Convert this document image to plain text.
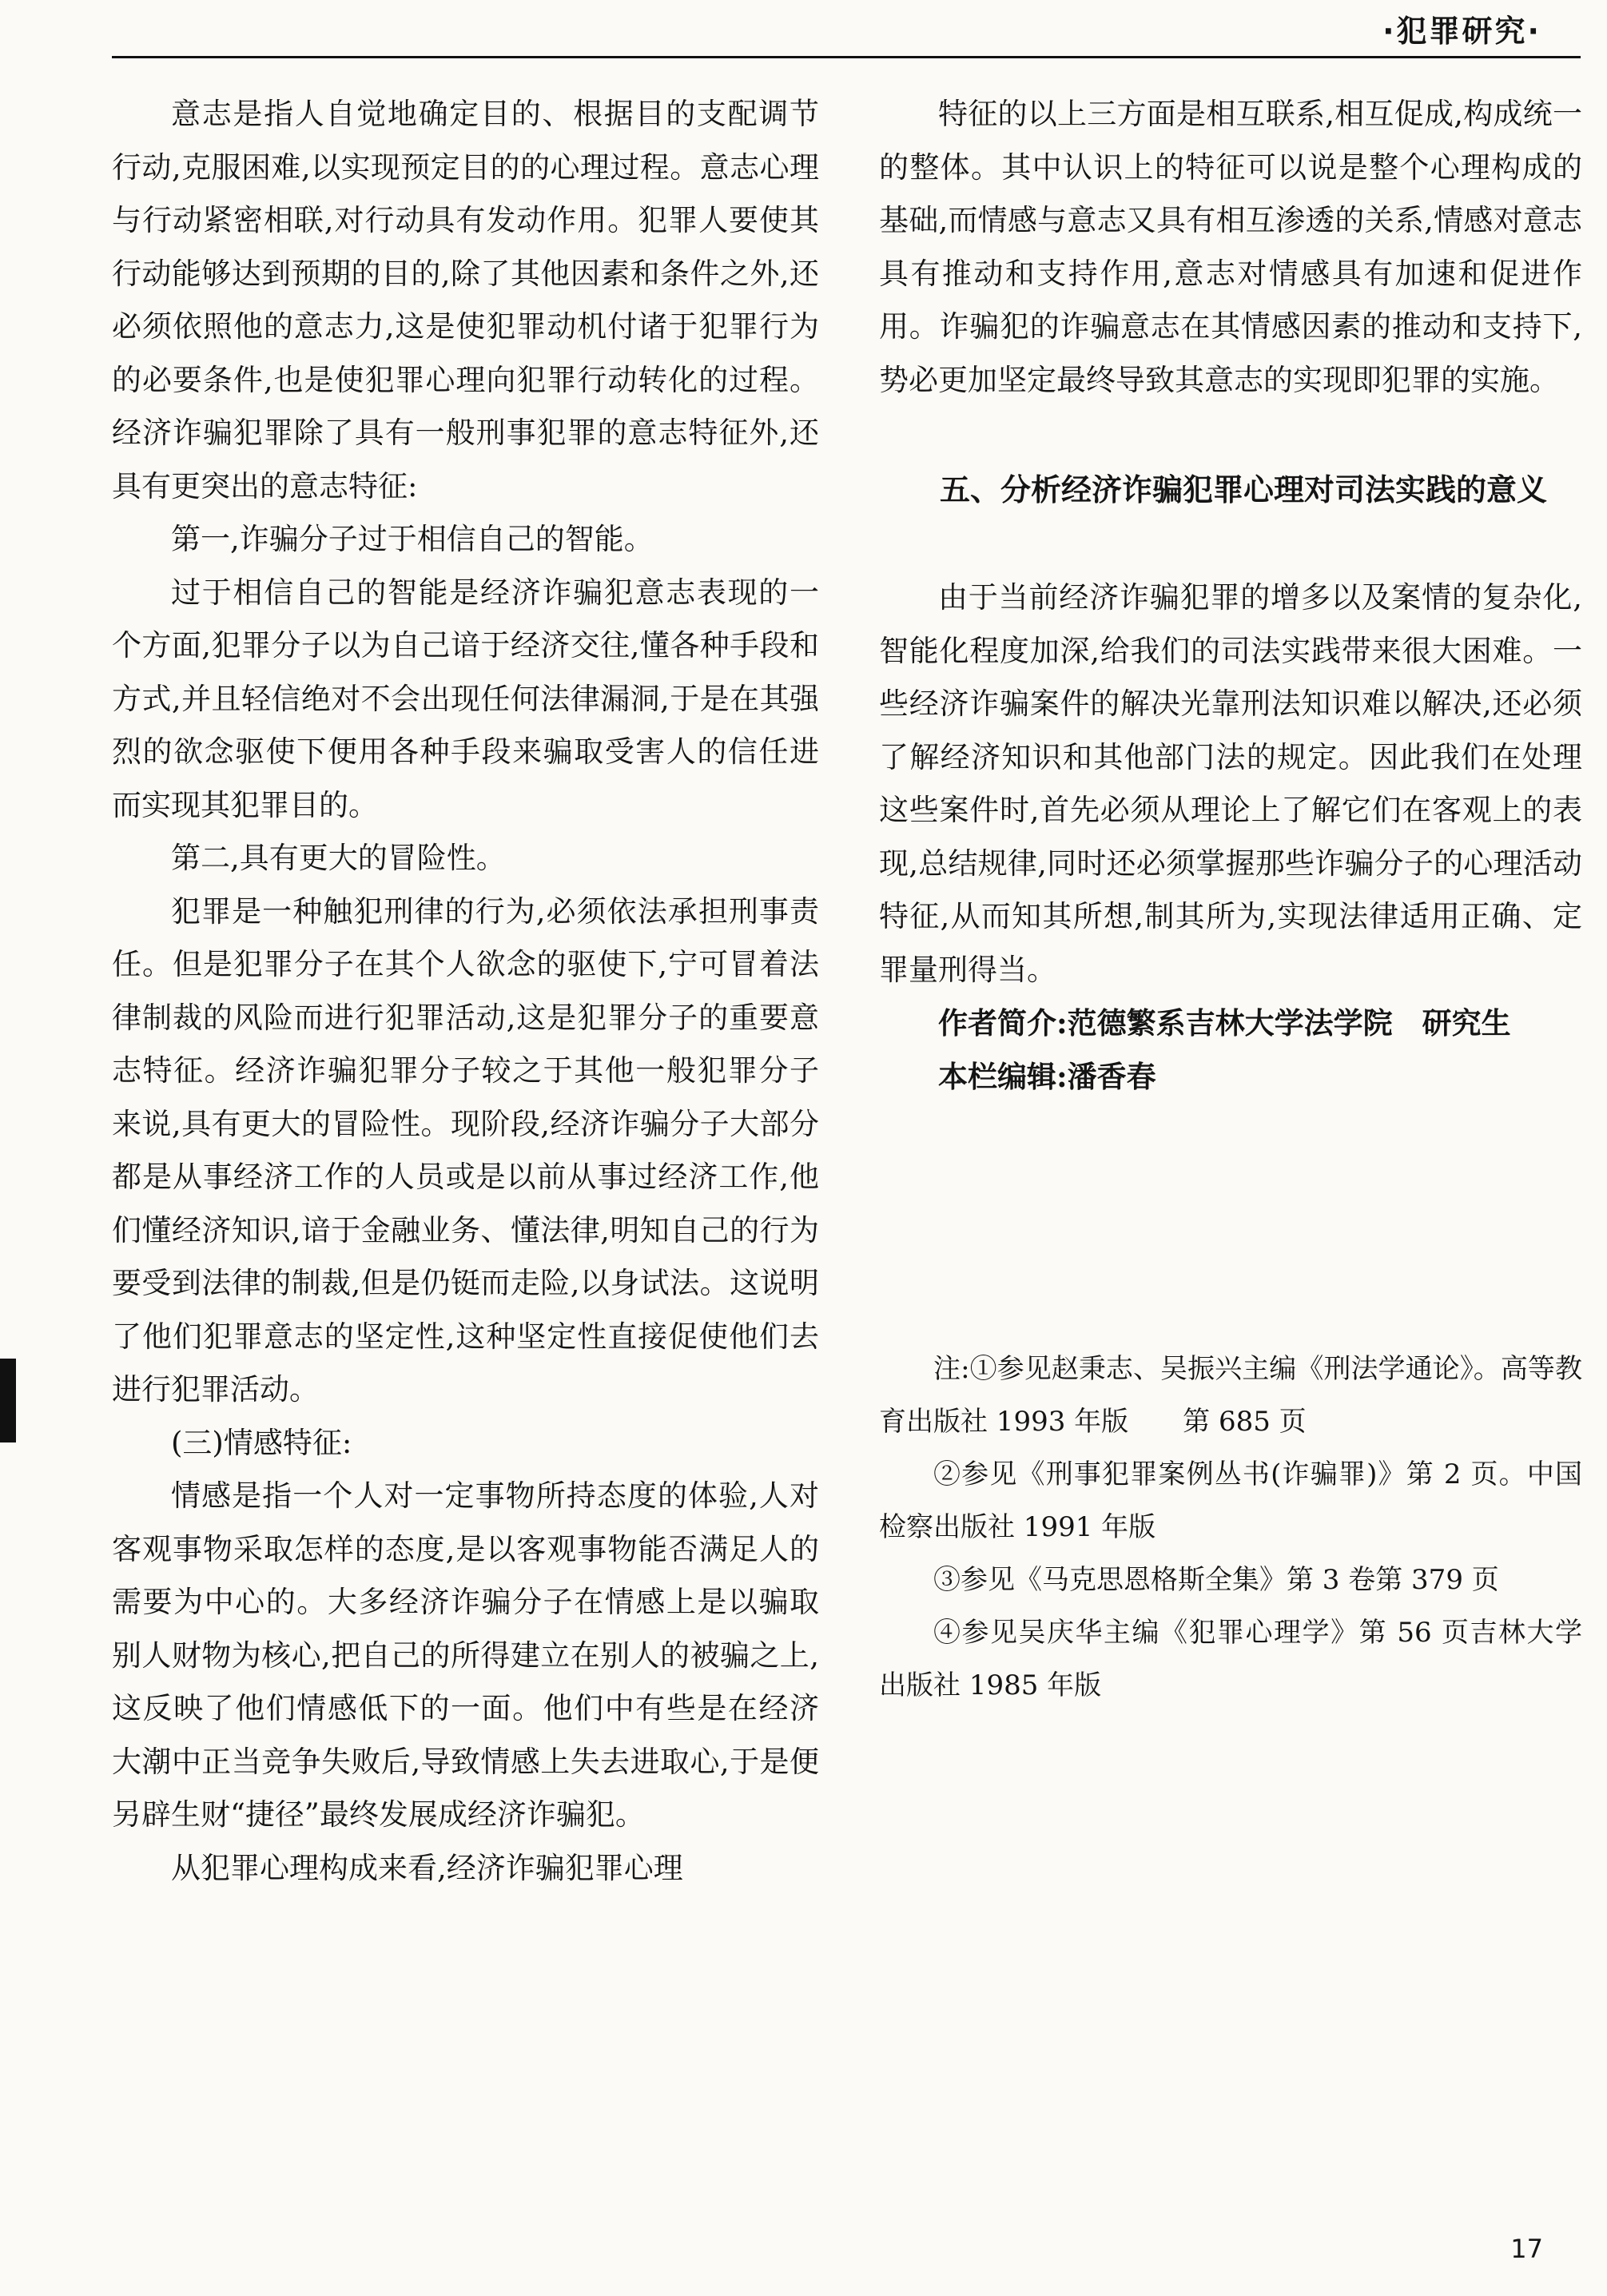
·犯罪研究·

意志是指人自觉地确定目的、根据目的支配调节行动,克服困难,以实现预定目的的心理过程。意志心理与行动紧密相联,对行动具有发动作用。犯罪人要使其行动能够达到预期的目的,除了其他因素和条件之外,还必须依照他的意志力,这是使犯罪动机付诸于犯罪行为的必要条件,也是使犯罪心理向犯罪行动转化的过程。经济诈骗犯罪除了具有一般刑事犯罪的意志特征外,还具有更突出的意志特征:

第一,诈骗分子过于相信自己的智能。

过于相信自己的智能是经济诈骗犯意志表现的一个方面,犯罪分子以为自己谙于经济交往,懂各种手段和方式,并且轻信绝对不会出现任何法律漏洞,于是在其强烈的欲念驱使下便用各种手段来骗取受害人的信任进而实现其犯罪目的。

第二,具有更大的冒险性。

犯罪是一种触犯刑律的行为,必须依法承担刑事责任。但是犯罪分子在其个人欲念的驱使下,宁可冒着法律制裁的风险而进行犯罪活动,这是犯罪分子的重要意志特征。经济诈骗犯罪分子较之于其他一般犯罪分子来说,具有更大的冒险性。现阶段,经济诈骗分子大部分都是从事经济工作的人员或是以前从事过经济工作,他们懂经济知识,谙于金融业务、懂法律,明知自己的行为要受到法律的制裁,但是仍铤而走险,以身试法。这说明了他们犯罪意志的坚定性,这种坚定性直接促使他们去进行犯罪活动。

(三)情感特征:

情感是指一个人对一定事物所持态度的体验,人对客观事物采取怎样的态度,是以客观事物能否满足人的需要为中心的。大多经济诈骗分子在情感上是以骗取别人财物为核心,把自己的所得建立在别人的被骗之上,这反映了他们情感低下的一面。他们中有些是在经济大潮中正当竞争失败后,导致情感上失去进取心,于是便另辟生财“捷径”最终发展成经济诈骗犯。

从犯罪心理构成来看,经济诈骗犯罪心理

特征的以上三方面是相互联系,相互促成,构成统一的整体。其中认识上的特征可以说是整个心理构成的基础,而情感与意志又具有相互渗透的关系,情感对意志具有推动和支持作用,意志对情感具有加速和促进作用。诈骗犯的诈骗意志在其情感因素的推动和支持下,势必更加坚定最终导致其意志的实现即犯罪的实施。

五、分析经济诈骗犯罪心理对司法实践的意义

由于当前经济诈骗犯罪的增多以及案情的复杂化,智能化程度加深,给我们的司法实践带来很大困难。一些经济诈骗案件的解决光靠刑法知识难以解决,还必须了解经济知识和其他部门法的规定。因此我们在处理这些案件时,首先必须从理论上了解它们在客观上的表现,总结规律,同时还必须掌握那些诈骗分子的心理活动特征,从而知其所想,制其所为,实现法律适用正确、定罪量刑得当。

作者简介:范德繁系吉林大学法学院　研究生

本栏编辑:潘香春

注:①参见赵秉志、吴振兴主编《刑法学通论》。高等教育出版社 1993 年版　　第 685 页

②参见《刑事犯罪案例丛书(诈骗罪)》第 2 页。中国检察出版社 1991 年版

③参见《马克思恩格斯全集》第 3 卷第 379 页

④参见吴庆华主编《犯罪心理学》第 56 页吉林大学出版社 1985 年版

17
